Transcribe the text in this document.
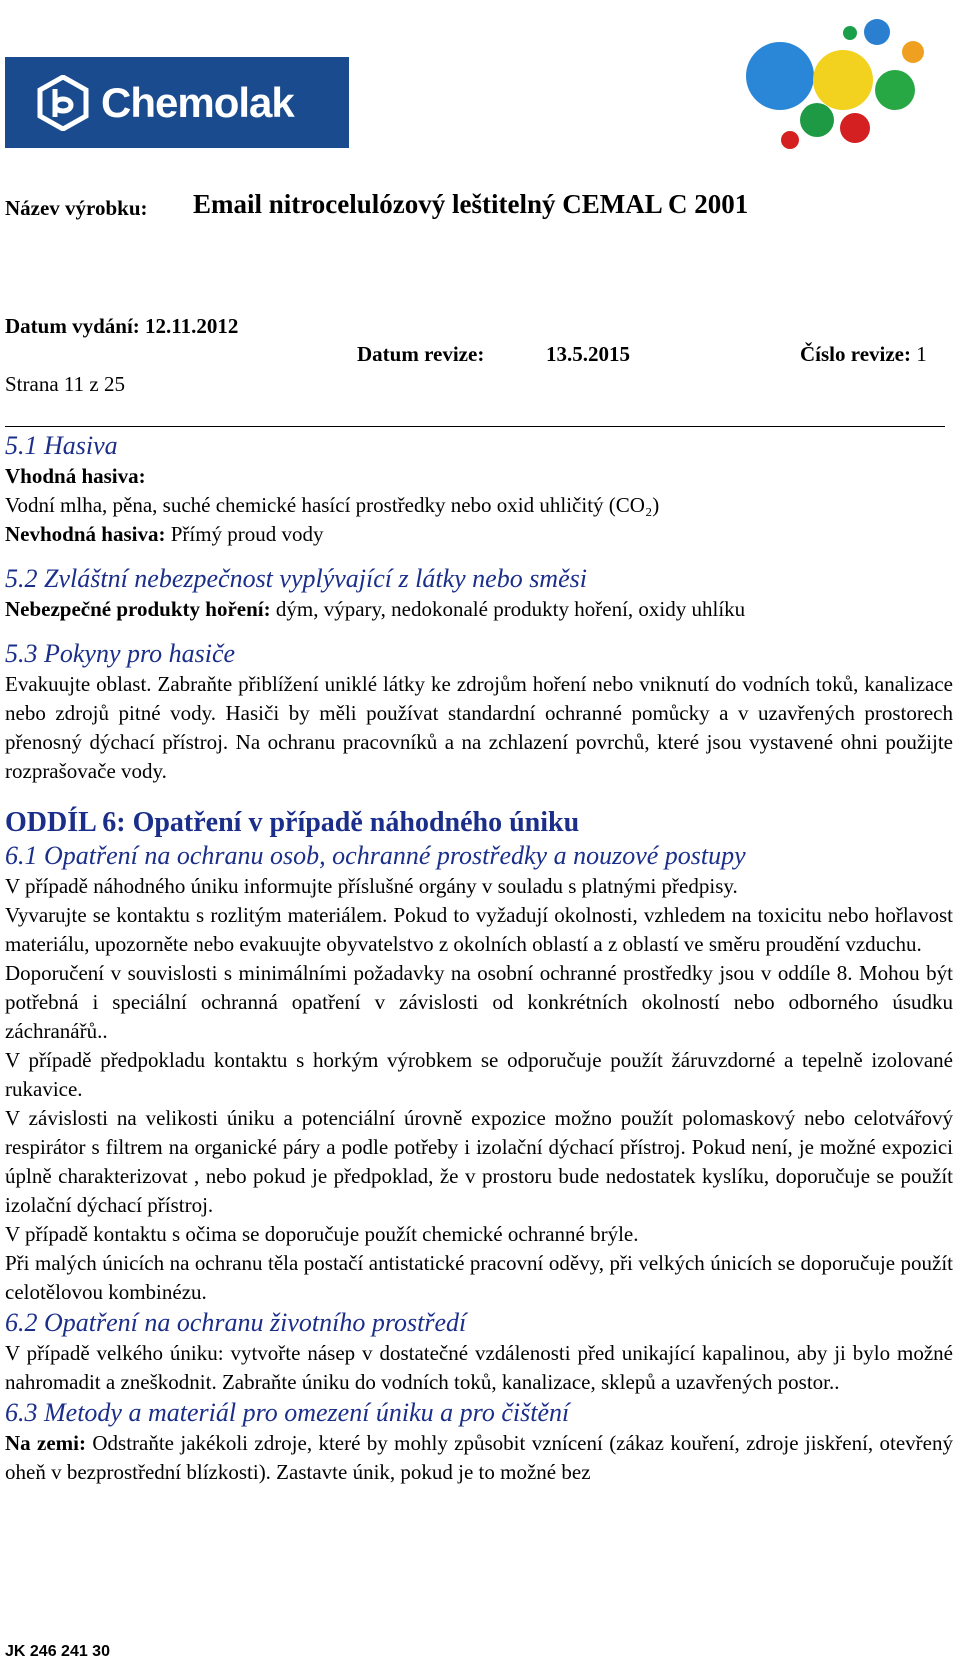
Chemolak
Název výrobku: Email nitrocelulózový leštitelný CEMAL C 2001
Datum vydání: 12.11.2012
Datum revize:	13.5.2015	Číslo revize: 1
Strana 11 z 25
5.1 Hasiva

Vhodná hasiva:

Vodní mlha, pěna, suché chemické hasící prostředky nebo oxid uhličitý (CO₂)

Nevhodná hasiva: Přímý proud vody

5.2 Zvláštní nebezpečnost vyplývající z látky nebo směsi

Nebezpečné produkty hoření: dým, výpary, nedokonalé produkty hoření, oxidy uhlíku

5.3 Pokyny pro hasiče

Evakuujte oblast. Zabraňte přiblížení uniklé látky ke zdrojům hoření nebo vniknutí do vodních toků, kanalizace nebo zdrojů pitné vody. Hasiči by měli používat standardní ochranné pomůcky a v uzavřených prostorech přenosný dýchací přístroj. Na ochranu pracovníků a na zchlazení povrchů, které jsou vystavené ohni použijte rozprašovače vody.

ODDÍL 6: Opatření v případě náhodného úniku
6.1 Opatření na ochranu osob, ochranné prostředky a nouzové postupy

V případě náhodného úniku informujte příslušné orgány v souladu s platnými předpisy.

Vyvarujte se kontaktu s rozlitým materiálem. Pokud to vyžadují okolnosti, vzhledem na toxicitu nebo hořlavost materiálu, upozorněte nebo evakuujte obyvatelstvo z okolních oblastí a z oblastí ve směru proudění vzduchu.

Doporučení v souvislosti s minimálními požadavky na osobní ochranné prostředky jsou v oddíle 8. Mohou být potřebná i speciální ochranná opatření v závislosti od konkrétních okolností nebo odborného úsudku záchranářů..

V případě předpokladu kontaktu s horkým výrobkem se odporučuje použít žáruvzdorné a tepelně izolované rukavice.

V závislosti na velikosti úniku a potenciální úrovně expozice možno použít polomaskový nebo celotvářový respirátor s filtrem na organické páry a podle potřeby i izolační dýchací přístroj. Pokud není, je možné expozici úplně charakterizovat , nebo pokud je předpoklad, že v prostoru bude nedostatek kyslíku, doporučuje se použít izolační dýchací přístroj.

V případě kontaktu s očima se doporučuje použít chemické ochranné brýle.

Při malých únicích na ochranu těla postačí antistatické pracovní oděvy, při velkých únicích se doporučuje použít celotělovou kombinézu.

6.2 Opatření na ochranu životního prostředí

V případě velkého úniku: vytvořte násep v dostatečné vzdálenosti před unikající kapalinou, aby ji bylo možné nahromadit a zneškodnit. Zabraňte úniku do vodních toků, kanalizace, sklepů a uzavřených postor..

6.3 Metody a materiál pro omezení úniku a pro čištění

Na zemi: Odstraňte jakékoli zdroje, které by mohly způsobit vznícení (zákaz kouření, zdroje jiskření, otevřený oheň v bezprostřední blízkosti). Zastavte únik, pokud je to možné bez

JK 246 241 30
